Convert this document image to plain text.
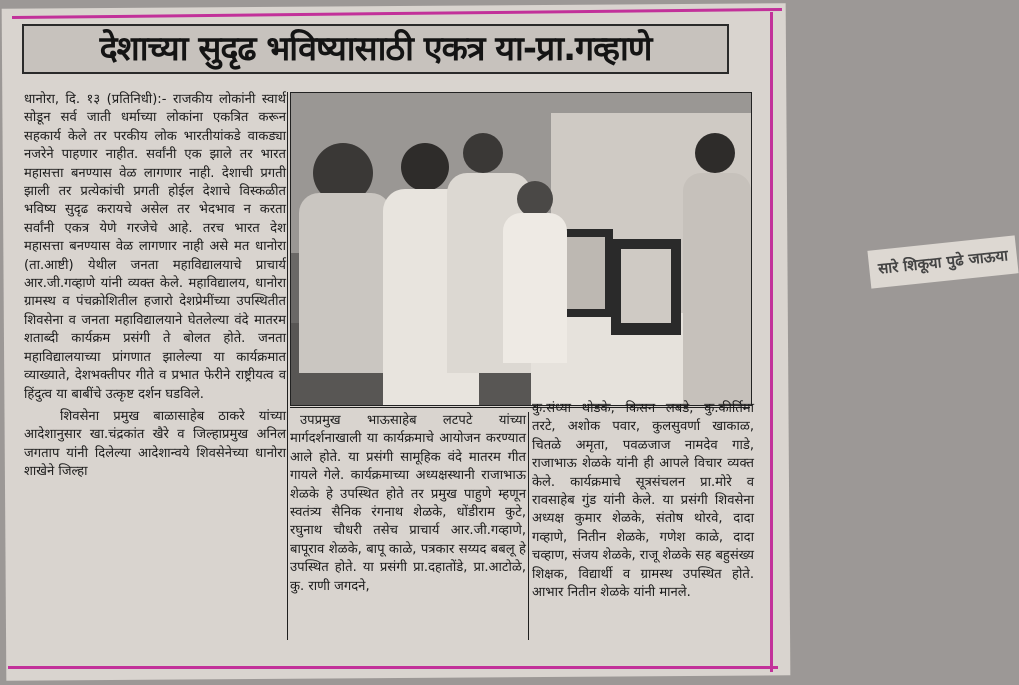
देशाच्या सुदृढ भविष्यासाठी एकत्र या-प्रा.गव्हाणे

धानोरा, दि. १३ (प्रतिनिधी):- राजकीय लोकांनी स्वार्थ सोडून सर्व जाती धर्माच्या लोकांना एकत्रित करून सहकार्य केले तर परकीय लोक भारतीयांकडे वाकड्या नजरेने पाहणार नाहीत. सर्वांनी एक झाले तर भारत महासत्ता बनण्यास वेळ लागणार नाही. देशाची प्रगती झाली तर प्रत्येकांची प्रगती होईल देशाचे विस्कळीत भविष्य सुदृढ करायचे असेल तर भेदभाव न करता सर्वांनी एकत्र येणे गरजेचे आहे. तरच भारत देश महासत्ता बनण्यास वेळ लागणार नाही असे मत धानोरा (ता.आष्टी) येथील जनता महाविद्यालयाचे प्राचार्य आर.जी.गव्हाणे यांनी व्यक्त केले. महाविद्यालय, धानोरा ग्रामस्थ व पंचक्रोशितील हजारो देशप्रेमींच्या उपस्थितीत शिवसेना व जनता महाविद्यालयाने घेतलेल्या वंदे मातरम शताब्दी कार्यक्रम प्रसंगी ते बोलत होते. जनता महाविद्यालयाच्या प्रांगणात झालेल्या या कार्यक्रमात व्याख्याते, देशभक्तीपर गीते व प्रभात फेरीने राष्ट्रीयत्व व हिंदुत्व या बाबींचे उत्कृष्ट दर्शन घडविले.

शिवसेना प्रमुख बाळासाहेब ठाकरे यांच्या आदेशानुसार खा.चंद्रकांत खैरे व जिल्हाप्रमुख अनिल जगताप यांनी दिलेल्या आदेशान्वये शिवसेनेच्या धानोरा शाखेने जिल्हा

सारे शिकूया पुढे जाऊया

उपप्रमुख भाऊसाहेब लटपटे यांच्या मार्गदर्शनाखाली या कार्यक्रमाचे आयोजन करण्यात आले होते. या प्रसंगी सामूहिक वंदे मातरम गीत गायले गेले. कार्यक्रमाच्या अध्यक्षस्थानी राजाभाऊ शेळके हे उपस्थित होते तर प्रमुख पाहुणे म्हणून स्वतंत्र्य सैनिक रंगनाथ शेळके, धोंडीराम कुटे, रघुनाथ चौधरी तसेच प्राचार्य आर.जी.गव्हाणे, बापूराव शेळके, बापू काळे, पत्रकार सय्यद बबलू हे उपस्थित होते. या प्रसंगी प्रा.दहातोंडे, प्रा.आटोळे, कु. राणी जगदने,

कु.संध्या थोडके, किसन लबडे, कु.कीर्तिमा तरटे, अशोक पवार, कुलसुवर्णा खाकाळ, चितळे अमृता, पवळजाज नामदेव गाडे, राजाभाऊ शेळके यांनी ही आपले विचार व्यक्त केले. कार्यक्रमाचे सूत्रसंचलन प्रा.मोरे व रावसाहेब गुंड यांनी केले. या प्रसंगी शिवसेना अध्यक्ष कुमार शेळके, संतोष थोरवे, दादा गव्हाणे, नितीन शेळके, गणेश काळे, दादा चव्हाण, संजय शेळके, राजू शेळके सह बहुसंख्य शिक्षक, विद्यार्थी व ग्रामस्थ उपस्थित होते. आभार नितीन शेळके यांनी मानले.
